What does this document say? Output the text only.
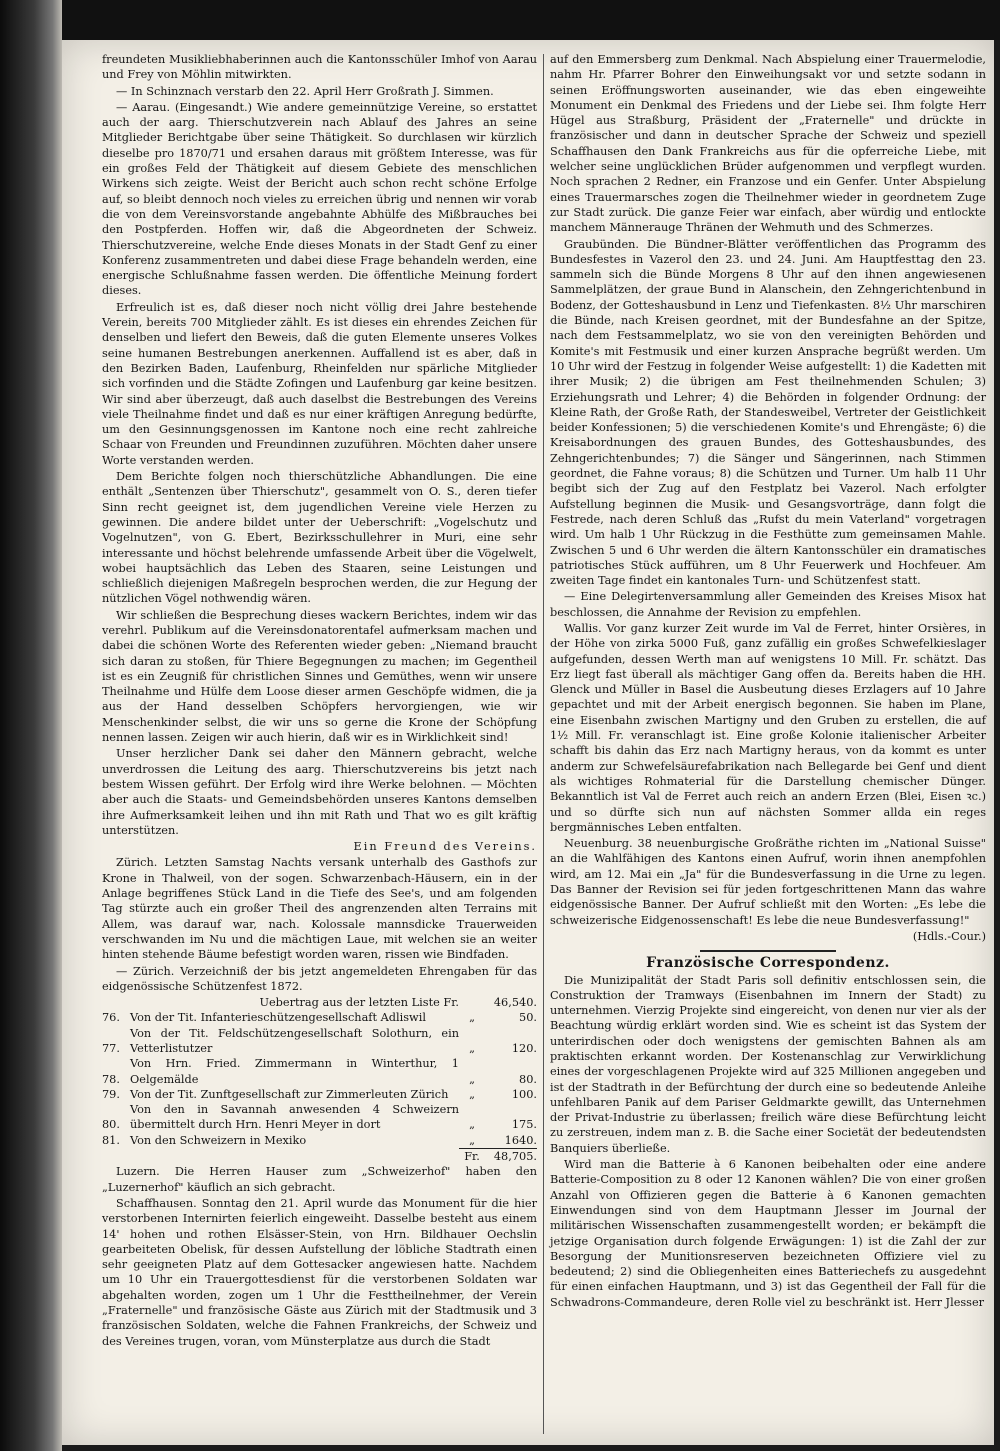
freundeten Musikliebhaberinnen auch die Kantonsschüler Imhof von Aarau und Frey von Möhlin mitwirkten.

— In Schinznach verstarb den 22. April Herr Großrath J. Simmen.

— Aarau. (Eingesandt.) Wie andere gemeinnützige Vereine, so erstattet auch der aarg. Thierschutzverein nach Ablauf des Jahres an seine Mitglieder Berichtgabe über seine Thätigkeit. So durchlasen wir kürzlich dieselbe pro 1870/71 und ersahen daraus mit größtem Interesse, was für ein großes Feld der Thätigkeit auf diesem Gebiete des menschlichen Wirkens sich zeigte. Weist der Bericht auch schon recht schöne Erfolge auf, so bleibt dennoch noch vieles zu erreichen übrig und nennen wir vorab die von dem Vereinsvorstande angebahnte Abhülfe des Mißbrauches bei den Postpferden. Hoffen wir, daß die Abgeordneten der Schweiz. Thierschutzvereine, welche Ende dieses Monats in der Stadt Genf zu einer Konferenz zusammentreten und dabei diese Frage behandeln werden, eine energische Schlußnahme fassen werden. Die öffentliche Meinung fordert dieses.

Erfreulich ist es, daß dieser noch nicht völlig drei Jahre bestehende Verein, bereits 700 Mitglieder zählt. Es ist dieses ein ehrendes Zeichen für denselben und liefert den Beweis, daß die guten Elemente unseres Volkes seine humanen Bestrebungen anerkennen. Auffallend ist es aber, daß in den Bezirken Baden, Laufenburg, Rheinfelden nur spärliche Mitglieder sich vorfinden und die Städte Zofingen und Laufenburg gar keine besitzen. Wir sind aber überzeugt, daß auch daselbst die Bestrebungen des Vereins viele Theilnahme findet und daß es nur einer kräftigen Anregung bedürfte, um den Gesinnungsgenossen im Kantone noch eine recht zahlreiche Schaar von Freunden und Freundinnen zuzuführen. Möchten daher unsere Worte verstanden werden.

Dem Berichte folgen noch thierschützliche Abhandlungen. Die eine enthält „Sentenzen über Thierschutz", gesammelt von O. S., deren tiefer Sinn recht geeignet ist, dem jugendlichen Vereine viele Herzen zu gewinnen. Die andere bildet unter der Ueberschrift: „Vogelschutz und Vogelnutzen", von G. Ebert, Bezirksschullehrer in Muri, eine sehr interessante und höchst belehrende umfassende Arbeit über die Vögelwelt, wobei hauptsächlich das Leben des Staaren, seine Leistungen und schließlich diejenigen Maßregeln besprochen werden, die zur Hegung der nützlichen Vögel nothwendig wären.

Wir schließen die Besprechung dieses wackern Berichtes, indem wir das verehrl. Publikum auf die Vereinsdonatorentafel aufmerksam machen und dabei die schönen Worte des Referenten wieder geben: „Niemand braucht sich daran zu stoßen, für Thiere Begegnungen zu machen; im Gegentheil ist es ein Zeugniß für christlichen Sinnes und Gemüthes, wenn wir unsere Theilnahme und Hülfe dem Loose dieser armen Geschöpfe widmen, die ja aus der Hand desselben Schöpfers hervorgiengen, wie wir Menschenkinder selbst, die wir uns so gerne die Krone der Schöpfung nennen lassen. Zeigen wir auch hierin, daß wir es in Wirklichkeit sind!

Unser herzlicher Dank sei daher den Männern gebracht, welche unverdrossen die Leitung des aarg. Thierschutzvereins bis jetzt nach bestem Wissen geführt. Der Erfolg wird ihre Werke belohnen. — Möchten aber auch die Staats- und Gemeindsbehörden unseres Kantons demselben ihre Aufmerksamkeit leihen und ihn mit Rath und That wo es gilt kräftig unterstützen.

Ein Freund des Vereins.

Zürich. Letzten Samstag Nachts versank unterhalb des Gasthofs zur Krone in Thalweil, von der sogen. Schwarzenbach-Häusern, ein in der Anlage begriffenes Stück Land in die Tiefe des See's, und am folgenden Tag stürzte auch ein großer Theil des angrenzenden alten Terrains mit Allem, was darauf war, nach. Kolossale mannsdicke Trauerweiden verschwanden im Nu und die mächtigen Laue, mit welchen sie an weiter hinten stehende Bäume befestigt worden waren, rissen wie Bindfaden.

— Zürich. Verzeichniß der bis jetzt angemeldeten Ehrengaben für das eidgenössische Schützenfest 1872.

	Uebertrag aus der letzten Liste Fr.		46,540.
76.	Von der Tit. Infanterieschützengesellschaft Adliswil	„	50.
77.	Von der Tit. Feldschützengesellschaft Solothurn, ein Vetterlistutzer	„	120.
78.	Von Hrn. Fried. Zimmermann in Winterthur, 1 Oelgemälde	„	80.
79.	Von der Tit. Zunftgesellschaft zur Zimmerleuten Zürich	„	100.
80.	Von den in Savannah anwesenden 4 Schweizern übermittelt durch Hrn. Henri Meyer in dort	„	175.
81.	Von den Schweizern in Mexiko	„	1640.
		Fr.	48,705.

Luzern. Die Herren Hauser zum „Schweizerhof" haben den „Luzernerhof" käuflich an sich gebracht.

Schaffhausen. Sonntag den 21. April wurde das Monument für die hier verstorbenen Internirten feierlich eingeweiht. Dasselbe besteht aus einem 14' hohen und rothen Elsässer-Stein, von Hrn. Bildhauer Oechslin gearbeiteten Obelisk, für dessen Aufstellung der löbliche Stadtrath einen sehr geeigneten Platz auf dem Gottesacker angewiesen hatte. Nachdem um 10 Uhr ein Trauergottesdienst für die verstorbenen Soldaten war abgehalten worden, zogen um 1 Uhr die Festtheilnehmer, der Verein „Fraternelle" und französische Gäste aus Zürich mit der Stadtmusik und 3 französischen Soldaten, welche die Fahnen Frankreichs, der Schweiz und des Vereines trugen, voran, vom Münsterplatze aus durch die Stadt

auf den Emmersberg zum Denkmal. Nach Abspielung einer Trauermelodie, nahm Hr. Pfarrer Bohrer den Einweihungsakt vor und setzte sodann in seinen Eröffnungsworten auseinander, wie das eben eingeweihte Monument ein Denkmal des Friedens und der Liebe sei. Ihm folgte Herr Hügel aus Straßburg, Präsident der „Fraternelle" und drückte in französischer und dann in deutscher Sprache der Schweiz und speziell Schaffhausen den Dank Frankreichs aus für die opferreiche Liebe, mit welcher seine unglücklichen Brüder aufgenommen und verpflegt wurden. Noch sprachen 2 Redner, ein Franzose und ein Genfer. Unter Abspielung eines Trauermarsches zogen die Theilnehmer wieder in geordnetem Zuge zur Stadt zurück. Die ganze Feier war einfach, aber würdig und entlockte manchem Männerauge Thränen der Wehmuth und des Schmerzes.

Graubünden. Die Bündner-Blätter veröffentlichen das Programm des Bundesfestes in Vazerol den 23. und 24. Juni. Am Hauptfesttag den 23. sammeln sich die Bünde Morgens 8 Uhr auf den ihnen angewiesenen Sammelplätzen, der graue Bund in Alanschein, den Zehngerichtenbund in Bodenz, der Gotteshausbund in Lenz und Tiefenkasten. 8½ Uhr marschiren die Bünde, nach Kreisen geordnet, mit der Bundesfahne an der Spitze, nach dem Festsammelplatz, wo sie von den vereinigten Behörden und Komite's mit Festmusik und einer kurzen Ansprache begrüßt werden. Um 10 Uhr wird der Festzug in folgender Weise aufgestellt: 1) die Kadetten mit ihrer Musik; 2) die übrigen am Fest theilnehmenden Schulen; 3) Erziehungsrath und Lehrer; 4) die Behörden in folgender Ordnung: der Kleine Rath, der Große Rath, der Standesweibel, Vertreter der Geistlichkeit beider Konfessionen; 5) die verschiedenen Komite's und Ehrengäste; 6) die Kreisabordnungen des grauen Bundes, des Gotteshausbundes, des Zehngerichtenbundes; 7) die Sänger und Sängerinnen, nach Stimmen geordnet, die Fahne voraus; 8) die Schützen und Turner. Um halb 11 Uhr begibt sich der Zug auf den Festplatz bei Vazerol. Nach erfolgter Aufstellung beginnen die Musik- und Gesangsvorträge, dann folgt die Festrede, nach deren Schluß das „Rufst du mein Vaterland" vorgetragen wird. Um halb 1 Uhr Rückzug in die Festhütte zum gemeinsamen Mahle. Zwischen 5 und 6 Uhr werden die ältern Kantonsschüler ein dramatisches patriotisches Stück aufführen, um 8 Uhr Feuerwerk und Hochfeuer. Am zweiten Tage findet ein kantonales Turn- und Schützenfest statt.

— Eine Delegirtenversammlung aller Gemeinden des Kreises Misox hat beschlossen, die Annahme der Revision zu empfehlen.

Wallis. Vor ganz kurzer Zeit wurde im Val de Ferret, hinter Orsières, in der Höhe von zirka 5000 Fuß, ganz zufällig ein großes Schwefelkieslager aufgefunden, dessen Werth man auf wenigstens 10 Mill. Fr. schätzt. Das Erz liegt fast überall als mächtiger Gang offen da. Bereits haben die HH. Glenck und Müller in Basel die Ausbeutung dieses Erzlagers auf 10 Jahre gepachtet und mit der Arbeit energisch begonnen. Sie haben im Plane, eine Eisenbahn zwischen Martigny und den Gruben zu erstellen, die auf 1½ Mill. Fr. veranschlagt ist. Eine große Kolonie italienischer Arbeiter schafft bis dahin das Erz nach Martigny heraus, von da kommt es unter anderm zur Schwefelsäurefabrikation nach Bellegarde bei Genf und dient als wichtiges Rohmaterial für die Darstellung chemischer Dünger. Bekanntlich ist Val de Ferret auch reich an andern Erzen (Blei, Eisen ꝛc.) und so dürfte sich nun auf nächsten Sommer allda ein reges bergmännisches Leben entfalten.

Neuenburg. 38 neuenburgische Großräthe richten im „National Suisse" an die Wahlfähigen des Kantons einen Aufruf, worin ihnen anempfohlen wird, am 12. Mai ein „Ja" für die Bundesverfassung in die Urne zu legen. Das Banner der Revision sei für jeden fortgeschrittenen Mann das wahre eidgenössische Banner. Der Aufruf schließt mit den Worten: „Es lebe die schweizerische Eidgenossenschaft! Es lebe die neue Bundesverfassung!"

(Hdls.-Cour.)

Französische Correspondenz.

Die Munizipalität der Stadt Paris soll definitiv entschlossen sein, die Construktion der Tramways (Eisenbahnen im Innern der Stadt) zu unternehmen. Vierzig Projekte sind eingereicht, von denen nur vier als der Beachtung würdig erklärt worden sind. Wie es scheint ist das System der unterirdischen oder doch wenigstens der gemischten Bahnen als am praktischten erkannt worden. Der Kostenanschlag zur Verwirklichung eines der vorgeschlagenen Projekte wird auf 325 Millionen angegeben und ist der Stadtrath in der Befürchtung der durch eine so bedeutende Anleihe unfehlbaren Panik auf dem Pariser Geldmarkte gewillt, das Unternehmen der Privat-Industrie zu überlassen; freilich wäre diese Befürchtung leicht zu zerstreuen, indem man z. B. die Sache einer Societät der bedeutendsten Banquiers überließe.

Wird man die Batterie à 6 Kanonen beibehalten oder eine andere Batterie-Composition zu 8 oder 12 Kanonen wählen? Die von einer großen Anzahl von Offizieren gegen die Batterie à 6 Kanonen gemachten Einwendungen sind von dem Hauptmann Jlesser im Journal der militärischen Wissenschaften zusammengestellt worden; er bekämpft die jetzige Organisation durch folgende Erwägungen: 1) ist die Zahl der zur Besorgung der Munitionsreserven bezeichneten Offiziere viel zu bedeutend; 2) sind die Obliegenheiten eines Batteriechefs zu ausgedehnt für einen einfachen Hauptmann, und 3) ist das Gegentheil der Fall für die Schwadrons-Commandeure, deren Rolle viel zu beschränkt ist. Herr Jlesser
